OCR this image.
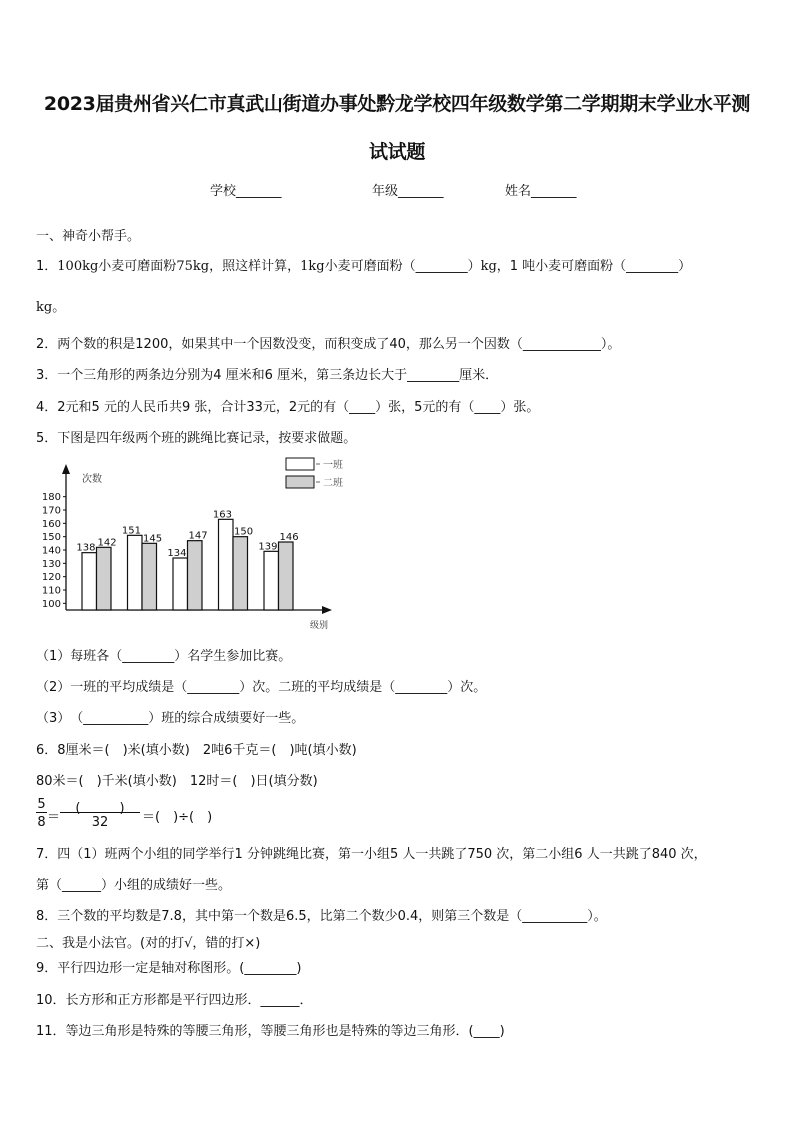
2023届贵州省兴仁市真武山街道办事处黔龙学校四年级数学第二学期期末学业水平测
试试题
学校_______	年级_______	姓名_______
一、神奇小帮手。
1．100kg小麦可磨面粉75kg，照这样计算，1kg小麦可磨面粉（________）kg，1 吨小麦可磨面粉（________）
kg。
2．两个数的积是1200，如果其中一个因数没变，而积变成了40，那么另一个因数（____________）。
3．一个三角形的两条边分别为4 厘米和6 厘米，第三条边长大于________厘米．
4．2元和5 元的人民币共9 张，合计33元，2元的有（____）张，5元的有（____）张。
5．下图是四年级两个班的跳绳比赛记录，按要求做题。
次数
180
170
160
150
140
130
120
110
100
级别
一班
二班
138 142
151
145
134
147
163
150
139
146
（1）每班各（________）名学生参加比赛。
（2）一班的平均成绩是（________）次。二班的平均成绩是（________）次。
（3）　（__________）班的综合成绩要好一些。
6．8厘米＝(　)米(填小数)　2吨6千克＝(　)吨(填小数)
80米＝(　)千米(填小数)　12时＝(　)日(填分数)
5
8 ＝
(　　　)
32	＝(　)÷(　)
7．四（1）班两个小组的同学举行1 分钟跳绳比赛，第一小组5 人一共跳了750 次，第二小组6 人一共跳了840 次，
第（______）小组的成绩好一些。
8．三个数的平均数是7.8，其中第一个数是6.5，比第二个数少0.4，则第三个数是（__________）。
二、我是小法官。(对的打√，错的打×)
9．平行四边形一定是轴对称图形。(________)
10．长方形和正方形都是平行四边形．______．
11．等边三角形是特殊的等腰三角形，等腰三角形也是特殊的等边三角形．(____)
